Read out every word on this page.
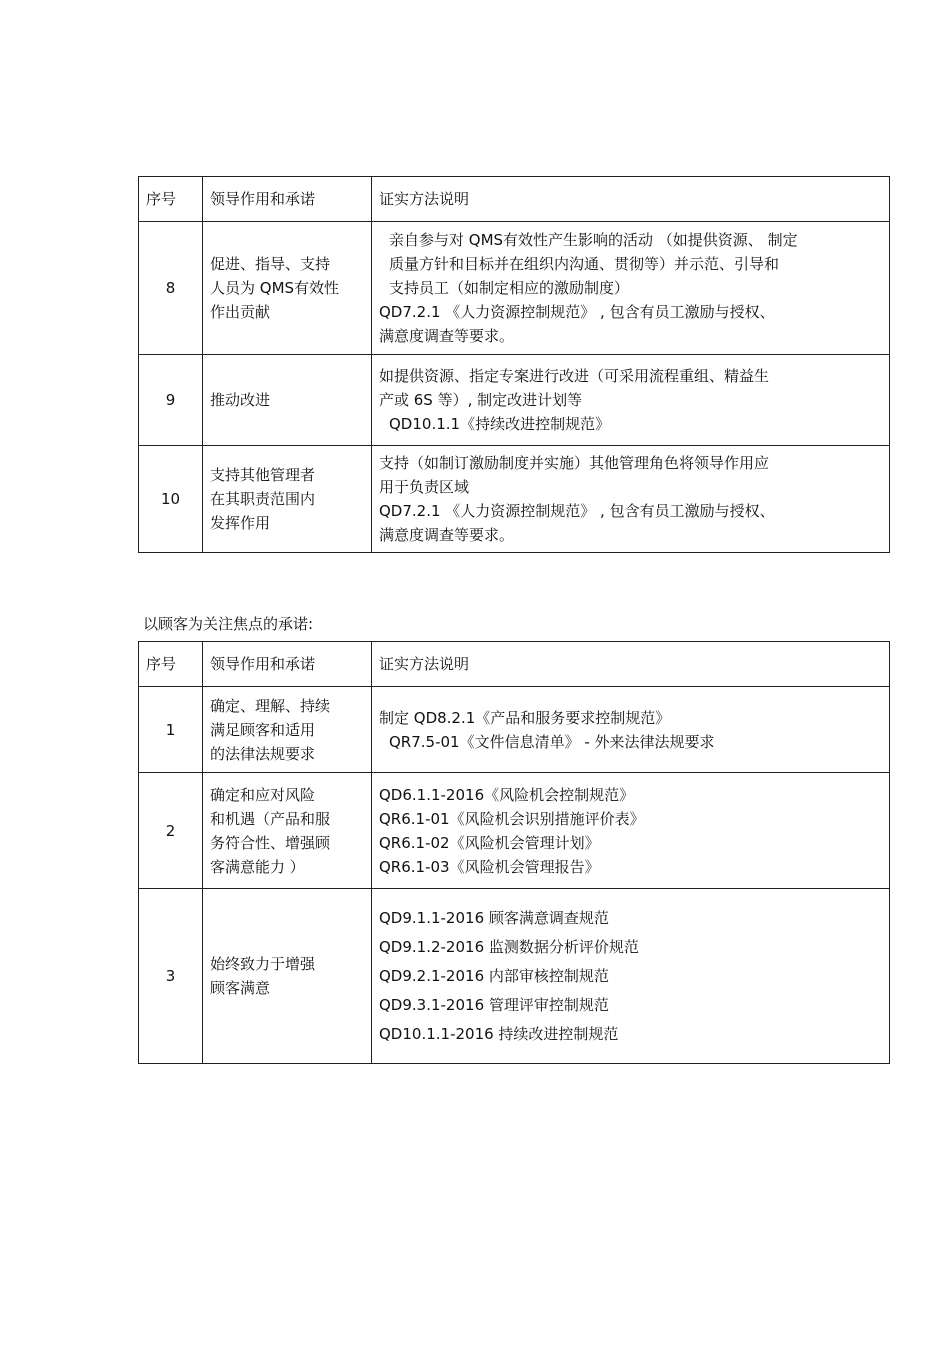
序号	领导作用和承诺	证实方法说明
8	促进、指导、支持
人员为 QMS有效性
作出贡献	亲自参与对 QMS有效性产生影响的活动 （如提供资源、 制定
质量方针和目标并在组织内沟通、贯彻等）并示范、引导和
支持员工（如制定相应的激励制度）
QD7.2.1 《人力资源控制规范》 , 包含有员工激励与授权、
满意度调查等要求。

9	推动改进	如提供资源、指定专案进行改进（可采用流程重组、精益生
产或 6S 等）, 制定改进计划等
QD10.1.1《持续改进控制规范》

10	支持其他管理者
在其职责范围内
发挥作用	支持（如制订激励制度并实施）其他管理角色将领导作用应
用于负责区域
QD7.2.1 《人力资源控制规范》 , 包含有员工激励与授权、
满意度调查等要求。
以顾客为关注焦点的承诺:
序号	领导作用和承诺	证实方法说明
1	确定、理解、持续
满足顾客和适用
的法律法规要求	制定 QD8.2.1《产品和服务要求控制规范》
QR7.5-01《文件信息清单》 - 外来法律法规要求

2	确定和应对风险
和机遇（产品和服
务符合性、增强顾
客满意能力 ）	QD6.1.1-2016《风险机会控制规范》
QR6.1-01《风险机会识别措施评价表》
QR6.1-02《风险机会管理计划》
QR6.1-03《风险机会管理报告》

3	始终致力于增强
顾客满意	QD9.1.1-2016 顾客满意调查规范
QD9.1.2-2016 监测数据分析评价规范
QD9.2.1-2016 内部审核控制规范
QD9.3.1-2016 管理评审控制规范
QD10.1.1-2016 持续改进控制规范
